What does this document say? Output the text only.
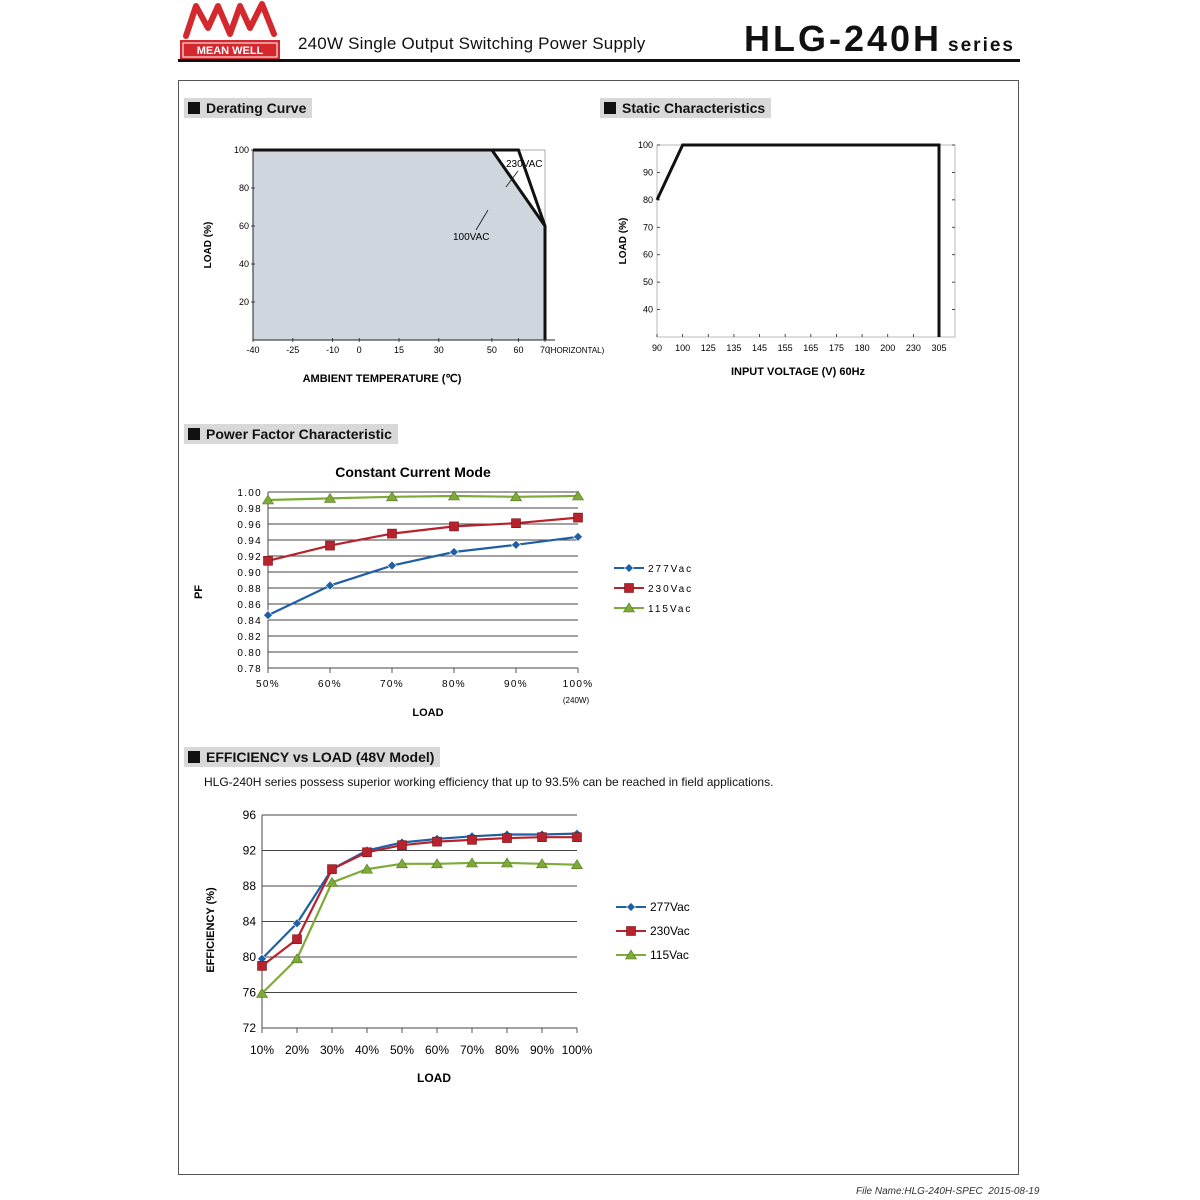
MEAN WELL 240W Single Output Switching Power Supply	HLG-240H series
Derating Curve	Static Characteristics
Power Factor Characteristic
EFFICIENCY vs LOAD (48V Model)
HLG-240H series possess superior working efficiency that up to 93.5% can be reached in field applications.
20
40
60
80
100
-40	-25	-10 0	15	30	50 60 70
(HORIZONTAL)
LOAD (%)
AMBIENT TEMPERATURE (℃)
230VAC
100VAC
40
50
60
70
80
90
100
90 100 125 135 145 155 165 175 180 200 230 305
LOAD (%)
INPUT VOLTAGE (V) 60Hz
0.78
0.80
0.82
0.84
0.86
0.88
0.90
0.92
0.94
0.96
0.98
1.00
50%	60%	70%	80%	90%	100%
277Vac
230Vac
115Vac
Constant Current Mode
PF
LOAD
(240W)
72
76
80
84
88
92
96
10% 20% 30% 40% 50% 60% 70% 80% 90% 100%
277Vac
230Vac
115Vac
EFFICIENCY (%)
LOAD
File Name:HLG-240H-SPEC 2015-08-19
